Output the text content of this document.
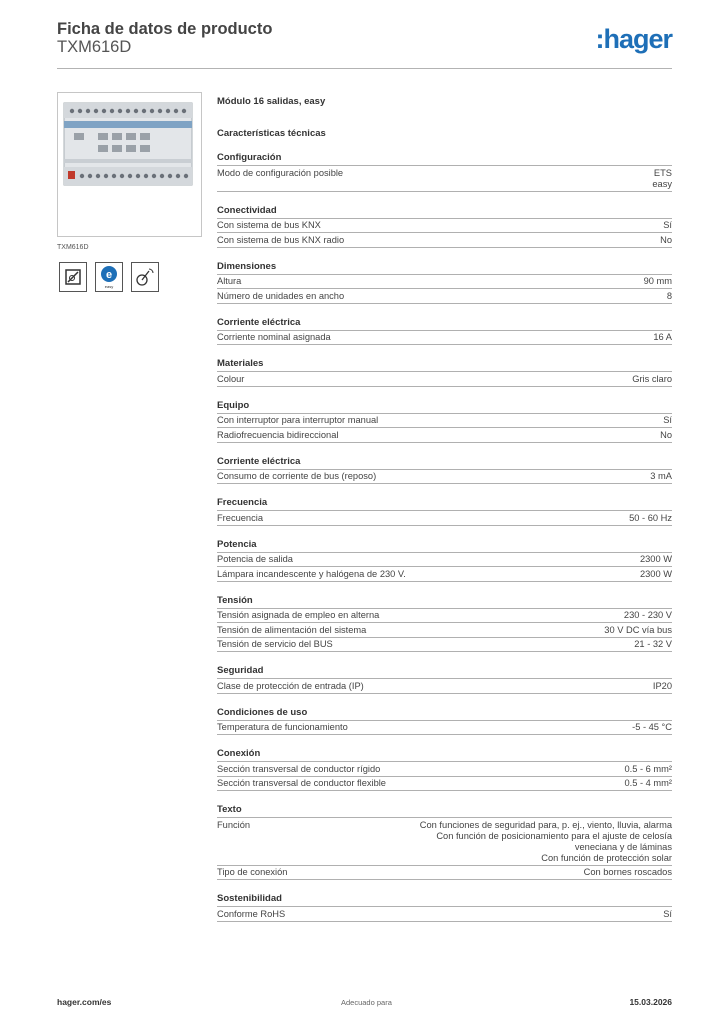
Ficha de datos de producto
TXM616D	:hager
TXM616D
e
easy
Módulo 16 salidas, easy
Características técnicas
Configuración
Modo de configuración posible	ETS
easy
Conectividad
Con sistema de bus KNX	Sí
Con sistema de bus KNX radio	No
Dimensiones
Altura	90 mm
Número de unidades en ancho	8
Corriente eléctrica
Corriente nominal asignada	16 A
Materiales
Colour	Gris claro
Equipo
Con interruptor para interruptor manual	Sí
Radiofrecuencia bidireccional	No
Corriente eléctrica
Consumo de corriente de bus (reposo)	3 mA
Frecuencia
Frecuencia	50 - 60 Hz
Potencia
Potencia de salida	2300 W
Lámpara incandescente y halógena de 230 V.	2300 W
Tensión
Tensión asignada de empleo en alterna	230 - 230 V
Tensión de alimentación del sistema	30 V DC vía bus
Tensión de servicio del BUS	21 - 32 V
Seguridad
Clase de protección de entrada (IP)	IP20
Condiciones de uso
Temperatura de funcionamiento	-5 - 45 °C
Conexión
Sección transversal de conductor rígido	0.5 - 6 mm²
Sección transversal de conductor flexible	0.5 - 4 mm²
Texto
Función	Con funciones de seguridad para, p. ej., viento, lluvia, alarma
Con función de posicionamiento para el ajuste de celosía veneciana y de láminas
Con función de protección solar
Tipo de conexión	Con bornes roscados
Sostenibilidad
Conforme RoHS	Sí
hager.com/es	Adecuado para	15.03.2026
